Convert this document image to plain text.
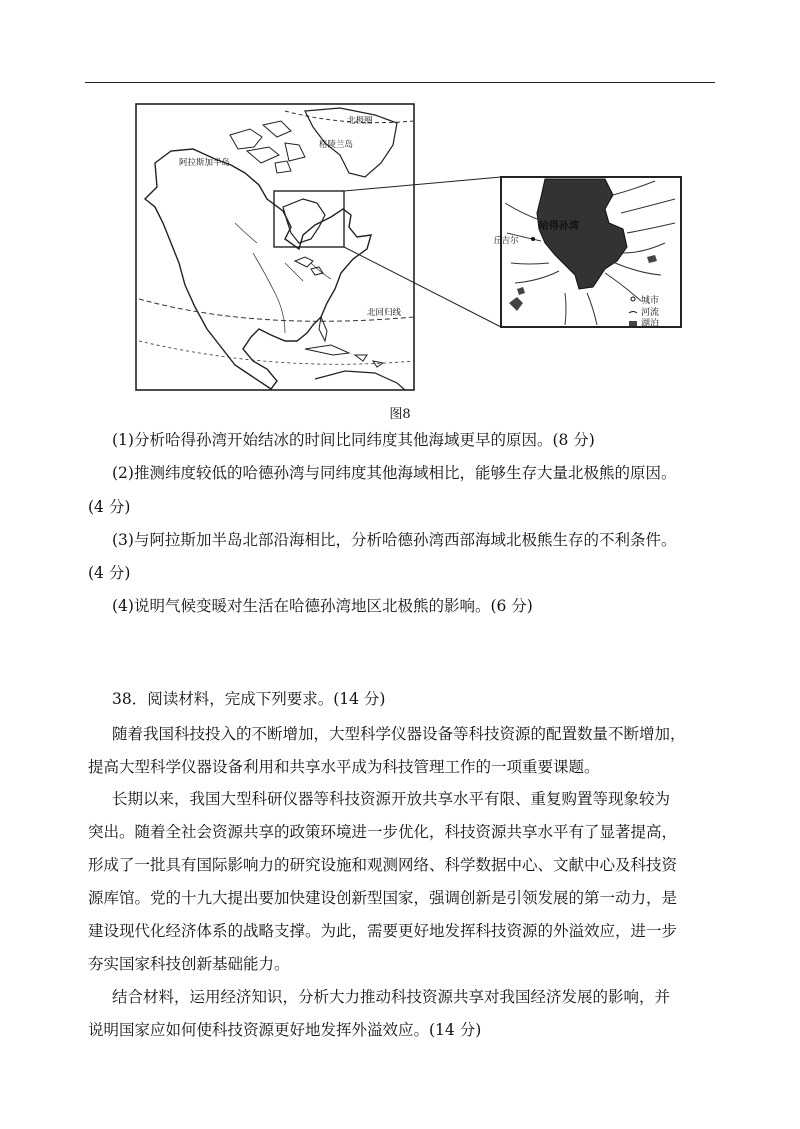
北极圈
格陵兰岛
阿拉斯加半岛
北回归线
哈得孙湾
丘吉尔
城市
河流
湖泊
图8
(1)分析哈得孙湾开始结冰的时间比同纬度其他海域更早的原因。(8 分)
(2)推测纬度较低的哈德孙湾与同纬度其他海域相比，能够生存大量北极熊的原因。
(4 分)
(3)与阿拉斯加半岛北部沿海相比，分析哈德孙湾西部海域北极熊生存的不利条件。
(4 分)
(4)说明气候变暖对生活在哈德孙湾地区北极熊的影响。(6 分)
38．阅读材料，完成下列要求。(14 分)
随着我国科技投入的不断增加，大型科学仪器设备等科技资源的配置数量不断增加，
提高大型科学仪器设备利用和共享水平成为科技管理工作的一项重要课题。
长期以来，我国大型科研仪器等科技资源开放共享水平有限、重复购置等现象较为
突出。随着全社会资源共享的政策环境进一步优化，科技资源共享水平有了显著提高，
形成了一批具有国际影响力的研究设施和观测网络、科学数据中心、文献中心及科技资
源库馆。党的十九大提出要加快建设创新型国家，强调创新是引领发展的第一动力，是
建设现代化经济体系的战略支撑。为此，需要更好地发挥科技资源的外溢效应，进一步
夯实国家科技创新基础能力。
结合材料，运用经济知识，分析大力推动科技资源共享对我国经济发展的影响，并
说明国家应如何使科技资源更好地发挥外溢效应。(14 分)
